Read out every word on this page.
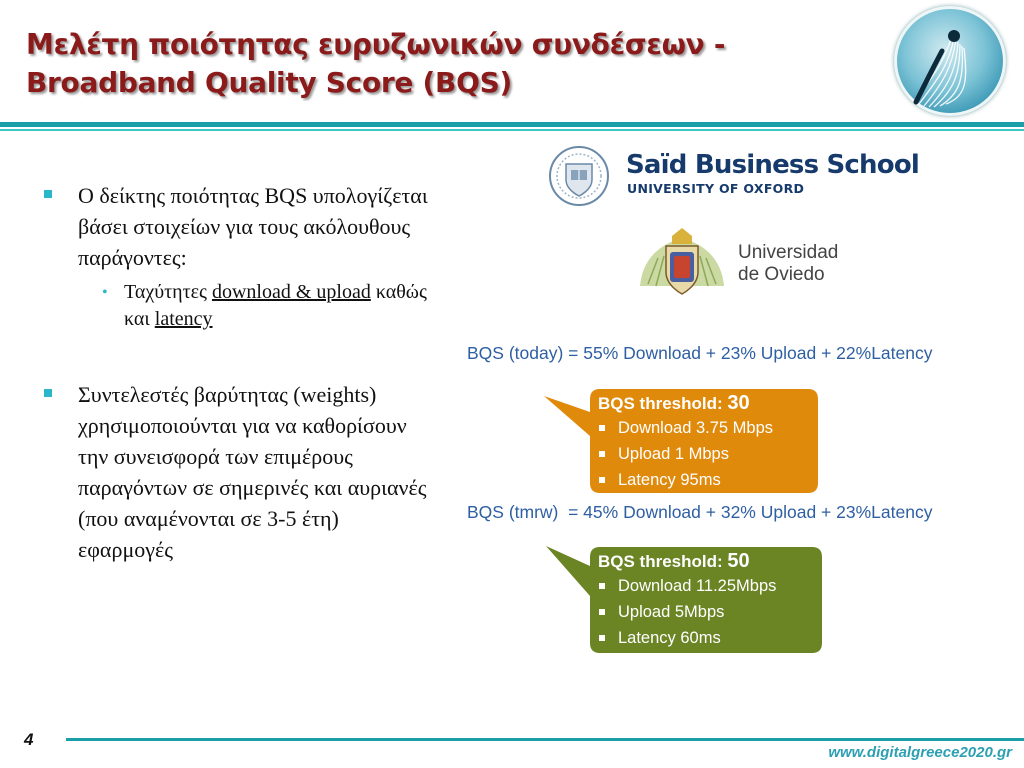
Μελέτη ποιότητας ευρυζωνικών συνδέσεων -
Broadband Quality Score (BQS)
Ο δείκτης ποιότητας BQS υπολογίζεται βάσει στοιχείων για τους ακόλουθους παράγοντες:
• Ταχύτητες download & upload καθώς και latency
Συντελεστές βαρύτητας (weights) χρησιμοποιούνται για να καθορίσουν την συνεισφορά των επιμέρους παραγόντων σε σημερινές και αυριανές (που αναμένονται σε 3-5 έτη) εφαρμογές
Saïd Business School
UNIVERSITY OF OXFORD
Universidad
de Oviedo
BQS (today) = 55% Download + 23% Upload + 22%Latency
BQS threshold: 30
Download 3.75 Mbps
Upload 1 Mbps
Latency 95ms
BQS (tmrw)  = 45% Download + 32% Upload + 23%Latency
BQS threshold: 50
Download 11.25Mbps
Upload 5Mbps
Latency 60ms
4
www.digitalgreece2020.gr
